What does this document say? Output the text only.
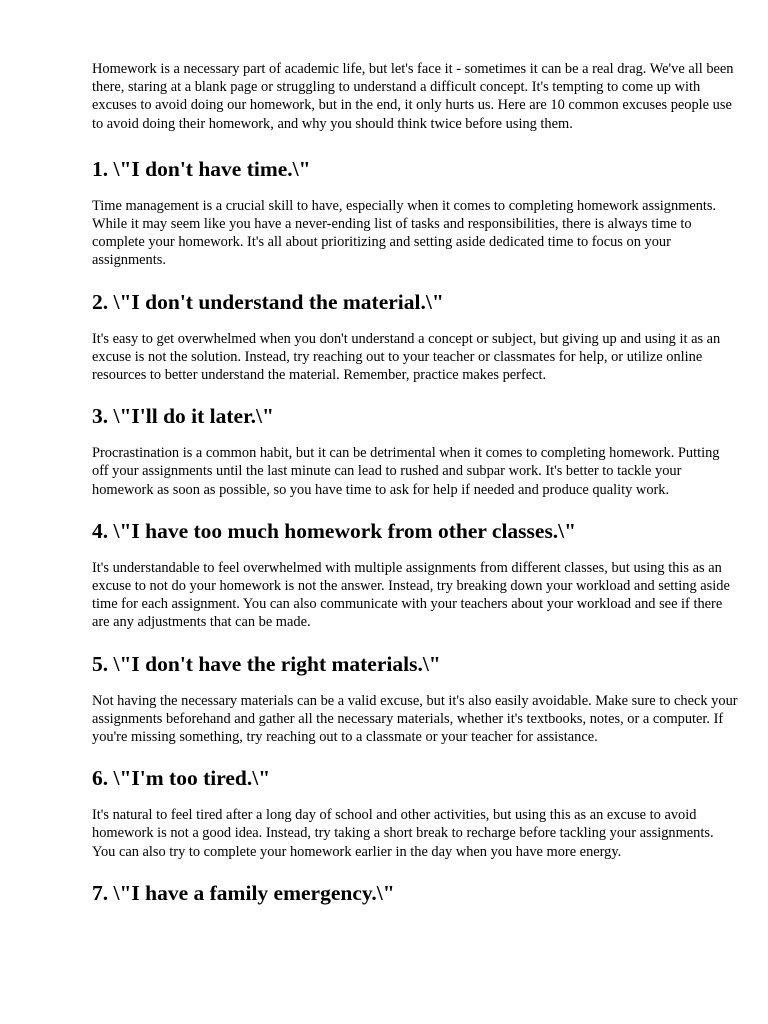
Homework is a necessary part of academic life, but let's face it - sometimes it can be a real drag. We've all been there, staring at a blank page or struggling to understand a difficult concept. It's tempting to come up with excuses to avoid doing our homework, but in the end, it only hurts us. Here are 10 common excuses people use to avoid doing their homework, and why you should think twice before using them.

1. \"I don't have time.\"

Time management is a crucial skill to have, especially when it comes to completing homework assignments. While it may seem like you have a never-ending list of tasks and responsibilities, there is always time to complete your homework. It's all about prioritizing and setting aside dedicated time to focus on your assignments.

2. \"I don't understand the material.\"

It's easy to get overwhelmed when you don't understand a concept or subject, but giving up and using it as an excuse is not the solution. Instead, try reaching out to your teacher or classmates for help, or utilize online resources to better understand the material. Remember, practice makes perfect.

3. \"I'll do it later.\"

Procrastination is a common habit, but it can be detrimental when it comes to completing homework. Putting off your assignments until the last minute can lead to rushed and subpar work. It's better to tackle your homework as soon as possible, so you have time to ask for help if needed and produce quality work.

4. \"I have too much homework from other classes.\"

It's understandable to feel overwhelmed with multiple assignments from different classes, but using this as an excuse to not do your homework is not the answer. Instead, try breaking down your workload and setting aside time for each assignment. You can also communicate with your teachers about your workload and see if there are any adjustments that can be made.

5. \"I don't have the right materials.\"

Not having the necessary materials can be a valid excuse, but it's also easily avoidable. Make sure to check your assignments beforehand and gather all the necessary materials, whether it's textbooks, notes, or a computer. If you're missing something, try reaching out to a classmate or your teacher for assistance.

6. \"I'm too tired.\"

It's natural to feel tired after a long day of school and other activities, but using this as an excuse to avoid homework is not a good idea. Instead, try taking a short break to recharge before tackling your assignments. You can also try to complete your homework earlier in the day when you have more energy.

7. \"I have a family emergency.\"
